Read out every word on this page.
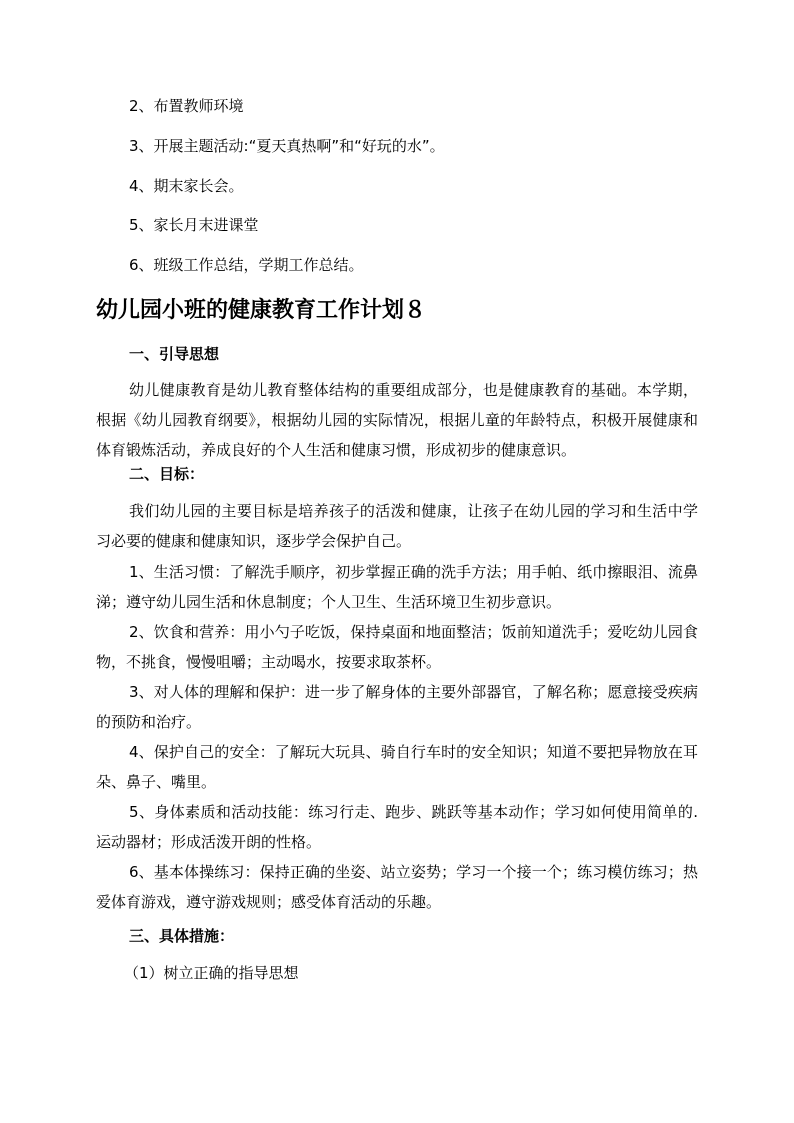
2、布置教师环境
3、开展主题活动:“夏天真热啊”和“好玩的水”。
4、期末家长会。
5、家长月末进课堂
6、班级工作总结，学期工作总结。
幼儿园小班的健康教育工作计划８
一、引导思想
幼儿健康教育是幼儿教育整体结构的重要组成部分，也是健康教育的基础。本学期，根据《幼儿园教育纲要》，根据幼儿园的实际情况，根据儿童的年龄特点，积极开展健康和体育锻炼活动，养成良好的个人生活和健康习惯，形成初步的健康意识。
二、目标：
我们幼儿园的主要目标是培养孩子的活泼和健康，让孩子在幼儿园的学习和生活中学习必要的健康和健康知识，逐步学会保护自己。
1、生活习惯：了解洗手顺序，初步掌握正确的洗手方法；用手帕、纸巾擦眼泪、流鼻涕；遵守幼儿园生活和休息制度；个人卫生、生活环境卫生初步意识。
2、饮食和营养：用小勺子吃饭，保持桌面和地面整洁；饭前知道洗手；爱吃幼儿园食物，不挑食，慢慢咀嚼；主动喝水，按要求取茶杯。
3、对人体的理解和保护：进一步了解身体的主要外部器官，了解名称；愿意接受疾病的预防和治疗。
4、保护自己的安全：了解玩大玩具、骑自行车时的安全知识；知道不要把异物放在耳朵、鼻子、嘴里。
5、身体素质和活动技能：练习行走、跑步、跳跃等基本动作；学习如何使用简单的.运动器材；形成活泼开朗的性格。
6、基本体操练习：保持正确的坐姿、站立姿势；学习一个接一个；练习模仿练习；热爱体育游戏，遵守游戏规则；感受体育活动的乐趣。
三、具体措施：
（1）树立正确的指导思想
